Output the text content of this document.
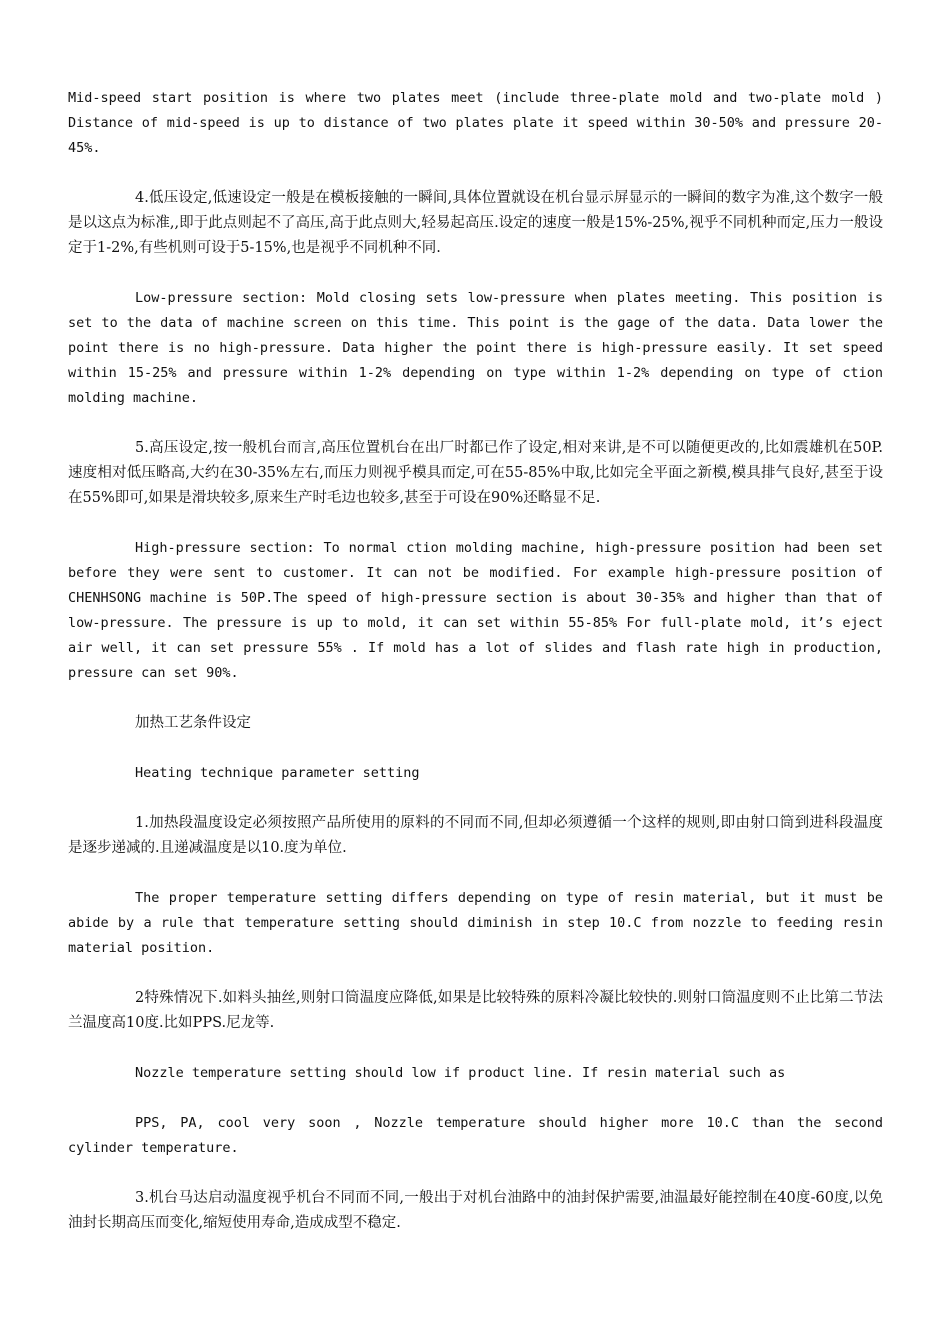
Mid-speed start position is where two plates meet (include three-plate mold and two-plate mold ) Distance of mid-speed is up to distance of two plates plate it speed within 30-50% and pressure 20-45%.

4.低压设定,低速设定一般是在模板接触的一瞬间,具体位置就设在机台显示屏显示的一瞬间的数字为准,这个数字一般是以这点为标准,,即于此点则起不了高压,高于此点则大,轻易起高压.设定的速度一般是15%-25%,视乎不同机种而定,压力一般设定于1-2%,有些机则可设于5-15%,也是视乎不同机种不同.

Low-pressure section: Mold closing sets low-pressure when plates meeting. This position is set to the data of machine screen on this time. This point is the gage of the data. Data lower the point there is no high-pressure. Data higher the point there is high-pressure easily. It set speed within 15-25% and pressure within 1-2% depending on type within 1-2% depending on type of ction molding machine.

5.高压设定,按一般机台而言,高压位置机台在出厂时都已作了设定,相对来讲,是不可以随便更改的,比如震雄机在50P.速度相对低压略高,大约在30-35%左右,而压力则视乎模具而定,可在55-85%中取,比如完全平面之新模,模具排气良好,甚至于设在55%即可,如果是滑块较多,原来生产时毛边也较多,甚至于可设在90%还略显不足.

High-pressure section: To normal ction molding machine, high-pressure position had been set before they were sent to customer. It can not be modified. For example high-pressure position of CHENHSONG machine is 50P.The speed of high-pressure section is about 30-35% and higher than that of low-pressure. The pressure is up to mold, it can set within 55-85% For full-plate mold, it’s eject air well, it can set pressure 55% . If mold has a lot of slides and flash rate high in production, pressure can set 90%.

加热工艺条件设定

Heating technique parameter setting

1.加热段温度设定必须按照产品所使用的原料的不同而不同,但却必须遵循一个这样的规则,即由射口筒到进科段温度是逐步递减的.且递减温度是以10.度为单位.

The proper temperature setting differs depending on type of resin material, but it must be abide by a rule that temperature setting should diminish in step 10.C from nozzle to feeding resin material position.

2特殊情况下.如料头抽丝,则射口筒温度应降低,如果是比较特殊的原料冷凝比较快的.则射口筒温度则不止比第二节法兰温度高10度.比如PPS.尼龙等.

Nozzle temperature setting should low if product line. If resin material such as

PPS, PA, cool very soon , Nozzle temperature should higher more 10.C than the second cylinder temperature.

3.机台马达启动温度视乎机台不同而不同,一般出于对机台油路中的油封保护需要,油温最好能控制在40度-60度,以免油封长期高压而变化,缩短使用寿命,造成成型不稳定.
